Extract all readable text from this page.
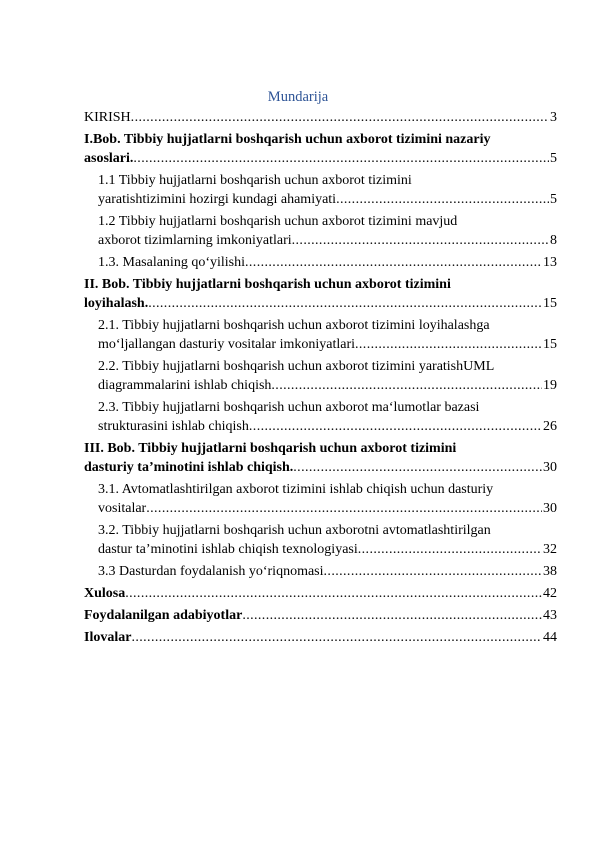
Mundarija
KIRISH .....	3
I.Bob. Tibbiy hujjatlarni boshqarish uchun axborot tizimini nazariy
asoslari. .....	5
1.1 Tibbiy hujjatlarni boshqarish uchun axborot tizimini
yaratishtizimini hozirgi kundagi ahamiyati .....	5
1.2 Tibbiy hujjatlarni boshqarish uchun axborot tizimini mavjud
axborot tizimlarning imkoniyatlari .....	8
1.3. Masalaning qo‘yilishi .....	13
II. Bob. Tibbiy hujjatlarni boshqarish uchun axborot tizimini
loyihalash. .....	15
2.1. Tibbiy hujjatlarni boshqarish uchun axborot tizimini loyihalashga
mo‘ljallangan dasturiy vositalar imkoniyatlari .....	15
2.2. Tibbiy hujjatlarni boshqarish uchun axborot tizimini yaratishUML
diagrammalarini ishlab chiqish .....	19
2.3. Tibbiy hujjatlarni boshqarish uchun axborot ma‘lumotlar bazasi
strukturasini ishlab chiqish .....	26
III. Bob. Tibbiy hujjatlarni boshqarish uchun axborot tizimini
dasturiy ta’minotini ishlab chiqish. .....	30
3.1. Avtomatlashtirilgan axborot tizimini ishlab chiqish uchun dasturiy
vositalar .....	30
3.2. Tibbiy hujjatlarni boshqarish uchun axborotni avtomatlashtirilgan
dastur ta’minotini ishlab chiqish texnologiyasi .....	32
3.3 Dasturdan foydalanish yo‘riqnomasi .....	38
Xulosa .....	42
Foydalanilgan adabiyotlar .....	43
Ilovalar .....	44
